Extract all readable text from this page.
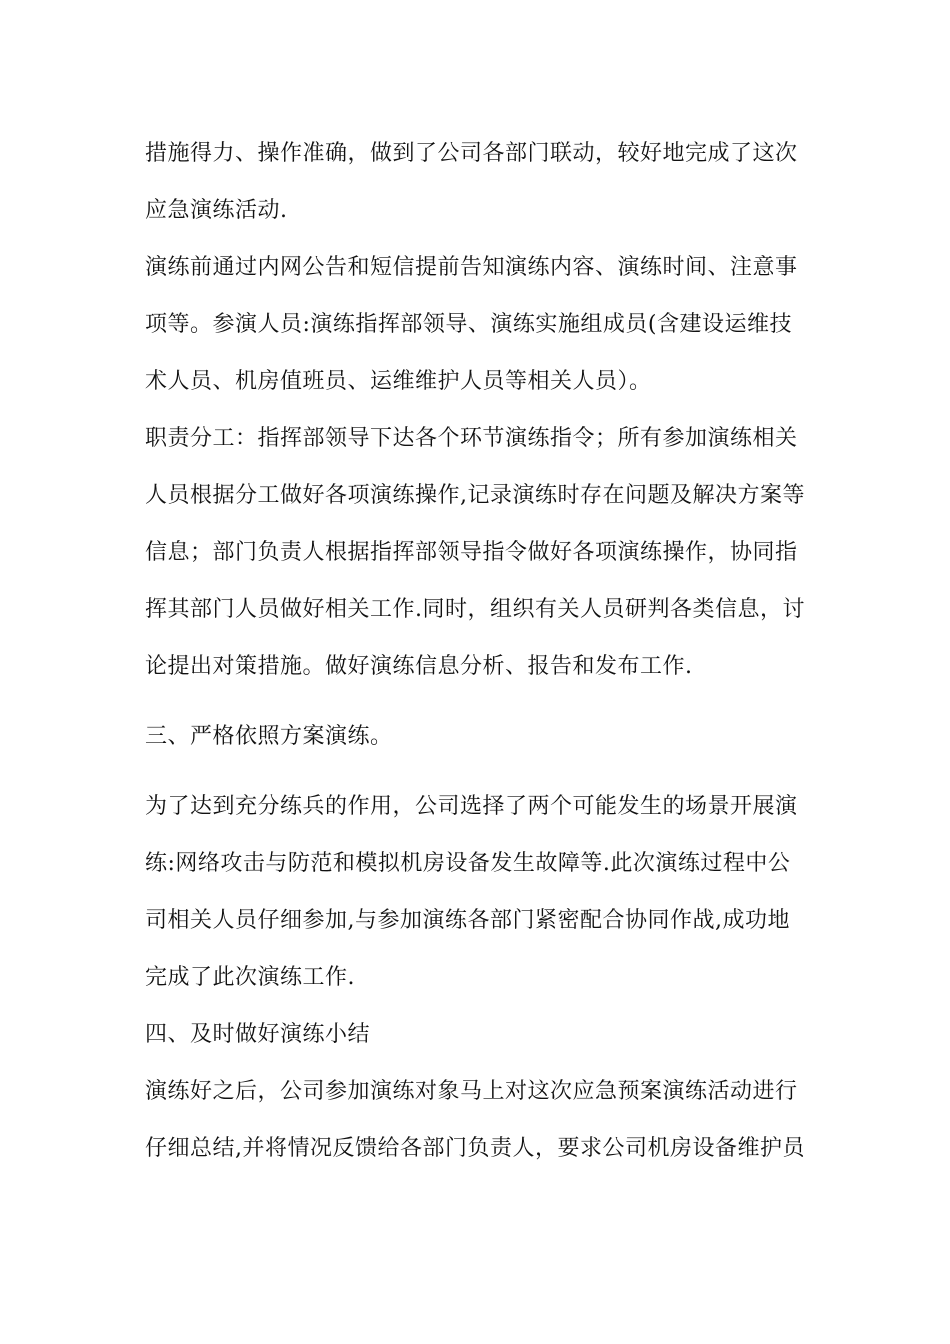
措施得力、操作准确，做到了公司各部门联动，较好地完成了这次
应急演练活动.
演练前通过内网公告和短信提前告知演练内容、演练时间、注意事
项等。参演人员:演练指挥部领导、演练实施组成员(含建设运维技
术人员、机房值班员、运维维护人员等相关人员）。
职责分工：指挥部领导下达各个环节演练指令；所有参加演练相关
人员根据分工做好各项演练操作,记录演练时存在问题及解决方案等
信息；部门负责人根据指挥部领导指令做好各项演练操作，协同指
挥其部门人员做好相关工作.同时，组织有关人员研判各类信息，讨
论提出对策措施。做好演练信息分析、报告和发布工作.
三、严格依照方案演练。
为了达到充分练兵的作用，公司选择了两个可能发生的场景开展演
练:网络攻击与防范和模拟机房设备发生故障等.此次演练过程中公
司相关人员仔细参加,与参加演练各部门紧密配合协同作战,成功地
完成了此次演练工作.
四、及时做好演练小结
演练好之后，公司参加演练对象马上对这次应急预案演练活动进行
仔细总结,并将情况反馈给各部门负责人，要求公司机房设备维护员
